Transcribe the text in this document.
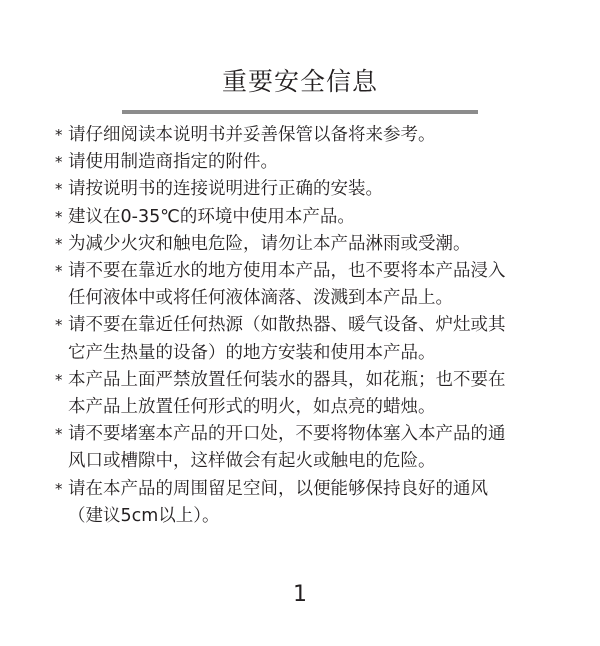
重要安全信息
* 请仔细阅读本说明书并妥善保管以备将来参考。
* 请使用制造商指定的附件。
* 请按说明书的连接说明进行正确的安装。
* 建议在0-35℃的环境中使用本产品。
* 为减少火灾和触电危险，请勿让本产品淋雨或受潮。
* 请不要在靠近水的地方使用本产品，也不要将本产品浸入
任何液体中或将任何液体滴落、泼溅到本产品上。
* 请不要在靠近任何热源（如散热器、暖气设备、炉灶或其
它产生热量的设备）的地方安装和使用本产品。
* 本产品上面严禁放置任何装水的器具，如花瓶；也不要在
本产品上放置任何形式的明火，如点亮的蜡烛。
* 请不要堵塞本产品的开口处，不要将物体塞入本产品的通
风口或槽隙中，这样做会有起火或触电的危险。
* 请在本产品的周围留足空间，以便能够保持良好的通风
（建议5cm以上）。
1
